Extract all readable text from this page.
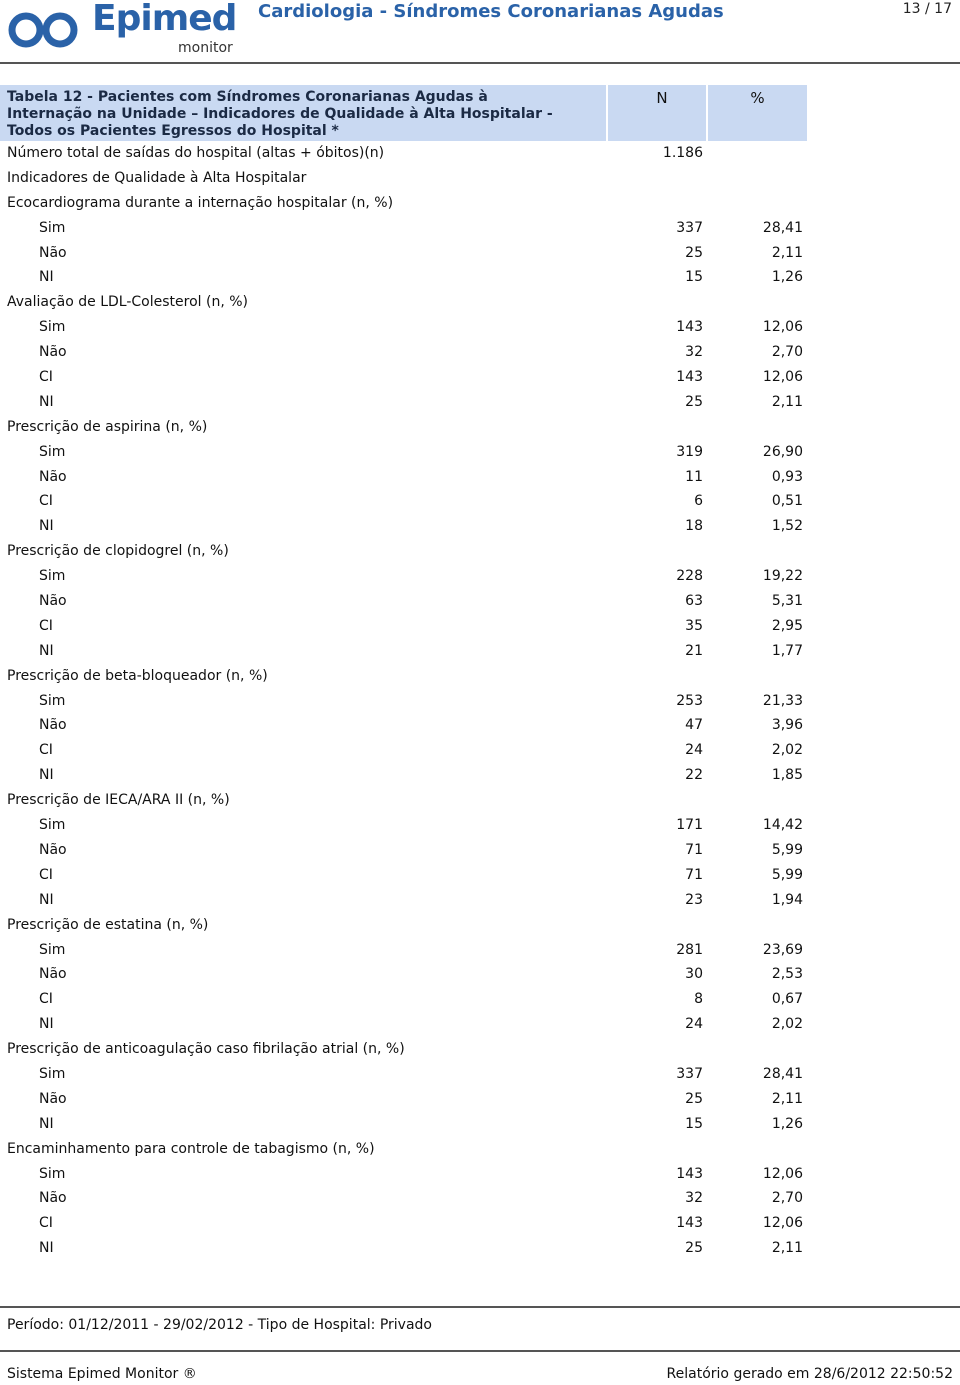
Epimed
monitor
Cardiologia - Síndromes Coronarianas Agudas	13 / 17
Tabela 12 - Pacientes com Síndromes Coronarianas Agudas à Internação na Unidade – Indicadores de Qualidade à Alta Hospitalar - Todos os Pacientes Egressos do Hospital *
N	%
Número total de saídas do hospital (altas + óbitos)(n)	1.186
Indicadores de Qualidade à Alta Hospitalar
Ecocardiograma durante a internação hospitalar (n, %)
Sim	337	28,41
Não	25	2,11
NI	15	1,26
Avaliação de LDL-Colesterol (n, %)
Sim	143	12,06
Não	32	2,70
CI	143	12,06
NI	25	2,11
Prescrição de aspirina (n, %)
Sim	319	26,90
Não	11	0,93
CI	6	0,51
NI	18	1,52
Prescrição de clopidogrel (n, %)
Sim	228	19,22
Não	63	5,31
CI	35	2,95
NI	21	1,77
Prescrição de beta-bloqueador (n, %)
Sim	253	21,33
Não	47	3,96
CI	24	2,02
NI	22	1,85
Prescrição de IECA/ARA II (n, %)
Sim	171	14,42
Não	71	5,99
CI	71	5,99
NI	23	1,94
Prescrição de estatina (n, %)
Sim	281	23,69
Não	30	2,53
CI	8	0,67
NI	24	2,02
Prescrição de anticoagulação caso fibrilação atrial (n, %)
Sim	337	28,41
Não	25	2,11
NI	15	1,26
Encaminhamento para controle de tabagismo (n, %)
Sim	143	12,06
Não	32	2,70
CI	143	12,06
NI	25	2,11
Período: 01/12/2011 - 29/02/2012 - Tipo de Hospital: Privado
Sistema Epimed Monitor ®	Relatório gerado em 28/6/2012 22:50:52
